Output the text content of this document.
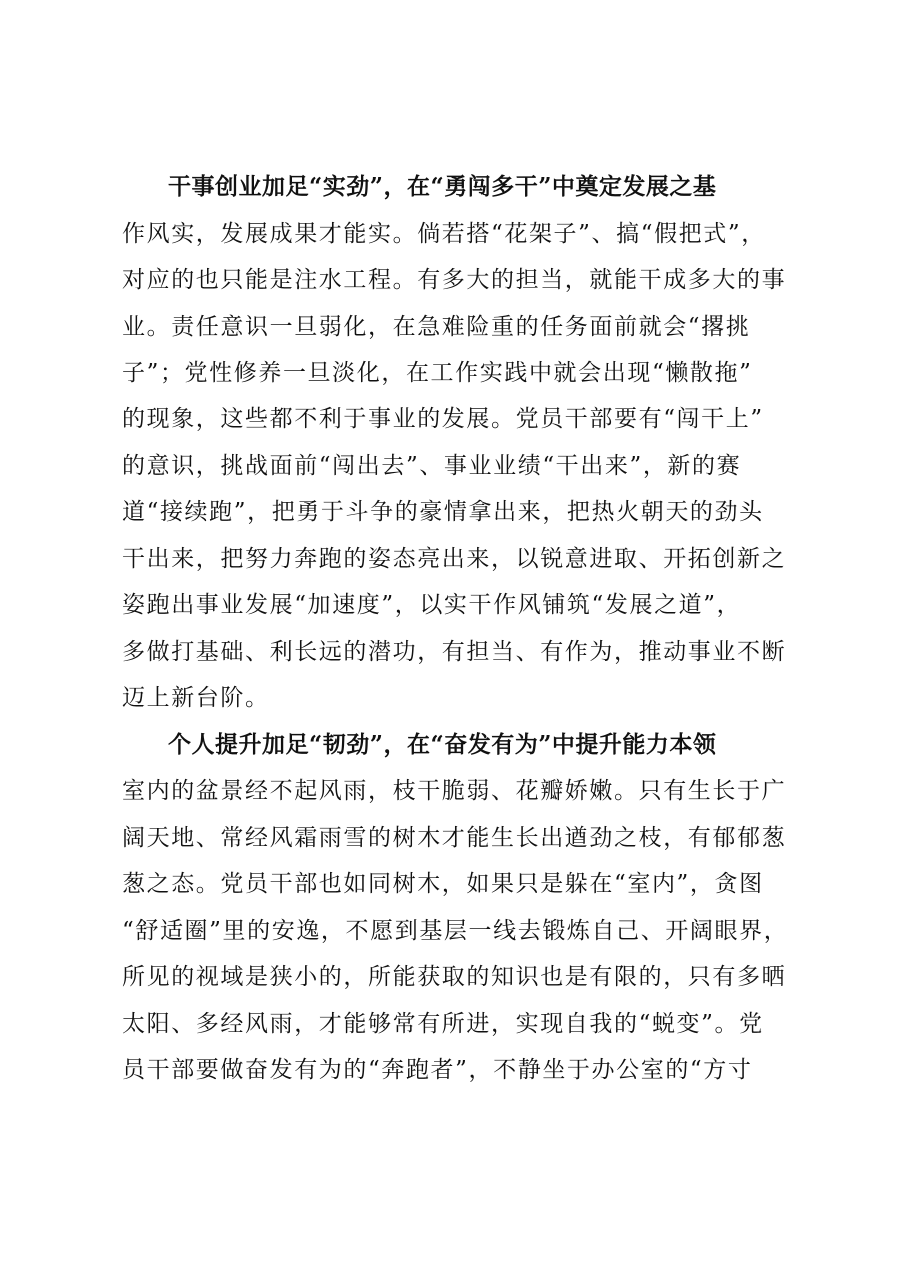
干事创业加足“实劲”，在“勇闯多干”中奠定发展之基
作风实，发展成果才能实。倘若搭“花架子”、搞“假把式”，
对应的也只能是注水工程。有多大的担当，就能干成多大的事
业。责任意识一旦弱化，在急难险重的任务面前就会“撂挑
子”；党性修养一旦淡化，在工作实践中就会出现“懒散拖”
的现象，这些都不利于事业的发展。党员干部要有“闯干上”
的意识，挑战面前“闯出去”、事业业绩“干出来”，新的赛
道“接续跑”，把勇于斗争的豪情拿出来，把热火朝天的劲头
干出来，把努力奔跑的姿态亮出来，以锐意进取、开拓创新之
姿跑出事业发展“加速度”，以实干作风铺筑“发展之道”，
多做打基础、利长远的潜功，有担当、有作为，推动事业不断
迈上新台阶。
个人提升加足“韧劲”，在“奋发有为”中提升能力本领
室内的盆景经不起风雨，枝干脆弱、花瓣娇嫩。只有生长于广
阔天地、常经风霜雨雪的树木才能生长出遒劲之枝，有郁郁葱
葱之态。党员干部也如同树木，如果只是躲在“室内”，贪图
“舒适圈”里的安逸，不愿到基层一线去锻炼自己、开阔眼界，
所见的视域是狭小的，所能获取的知识也是有限的，只有多晒
太阳、多经风雨，才能够常有所进，实现自我的“蜕变”。党
员干部要做奋发有为的“奔跑者”，不静坐于办公室的“方寸
